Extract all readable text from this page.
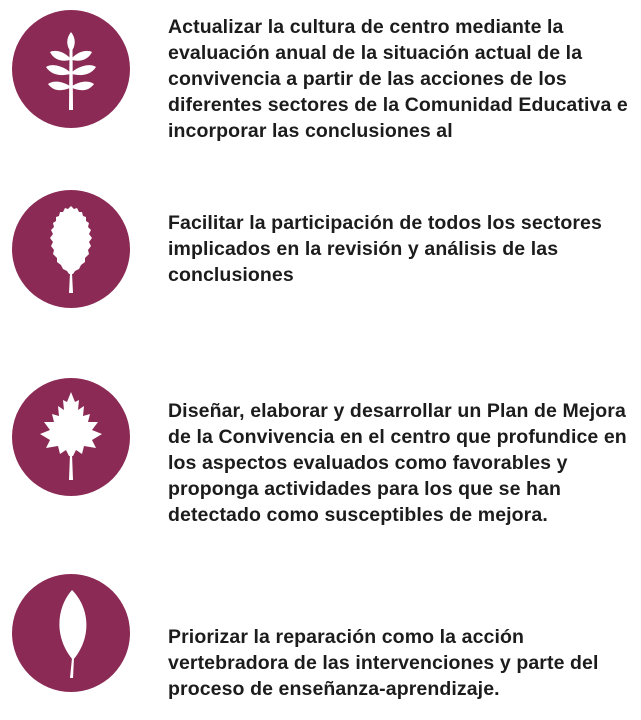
Actualizar la cultura de centro mediante la evaluación anual de la situación actual de la convivencia a partir de las acciones de los diferentes sectores de la Comunidad Educativa e incorporar las conclusiones al
Facilitar la participación de todos los sectores implicados en la revisión y análisis de las conclusiones
Diseñar, elaborar y desarrollar un Plan de Mejora de la Convivencia en el centro que profundice en los aspectos evaluados como favorables y proponga actividades para los que se han detectado como susceptibles de mejora.
Priorizar la reparación como la acción vertebradora de las intervenciones y parte del proceso de enseñanza-aprendizaje.
